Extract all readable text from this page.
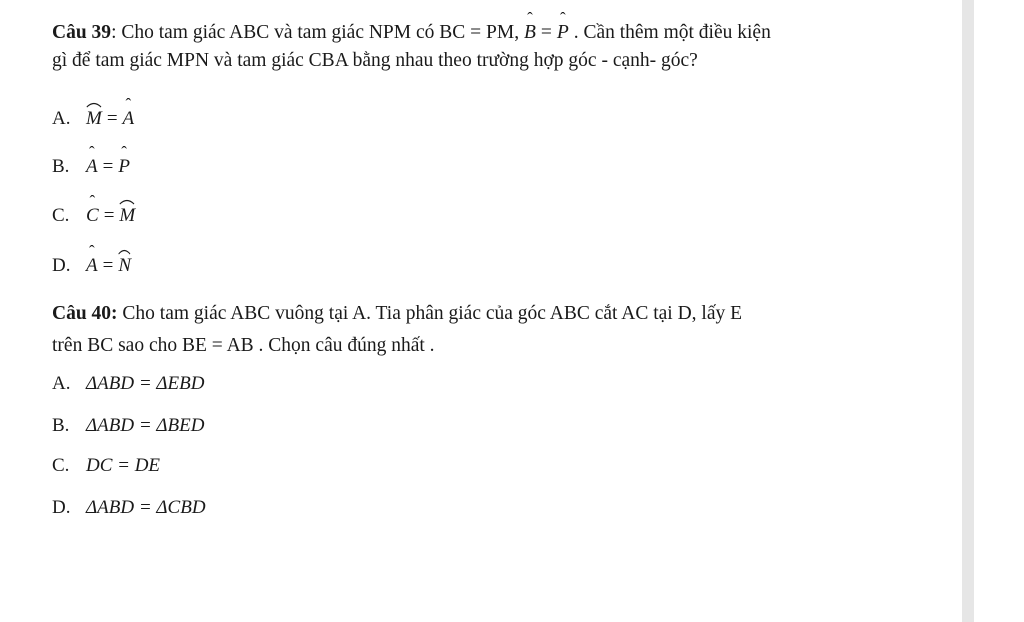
Câu 39: Cho tam giác ABC và tam giác NPM có BC = PM, ˆ B = ˆ P . Cần thêm một điều kiện
gì để tam giác MPN và tam giác CBA bằng nhau theo trường hợp góc - cạnh- góc?
A. M = ˆ A
B. ˆ A = ˆ P
C. ˆ C = M
D. ˆ A = N
Câu 40: Cho tam giác ABC vuông tại A. Tia phân giác của góc ABC cắt AC tại D, lấy E
trên BC sao cho BE = AB . Chọn câu đúng nhất .
A. ΔABD = ΔEBD
B. ΔABD = ΔBED
C. DC = DE
D. ΔABD = ΔCBD
